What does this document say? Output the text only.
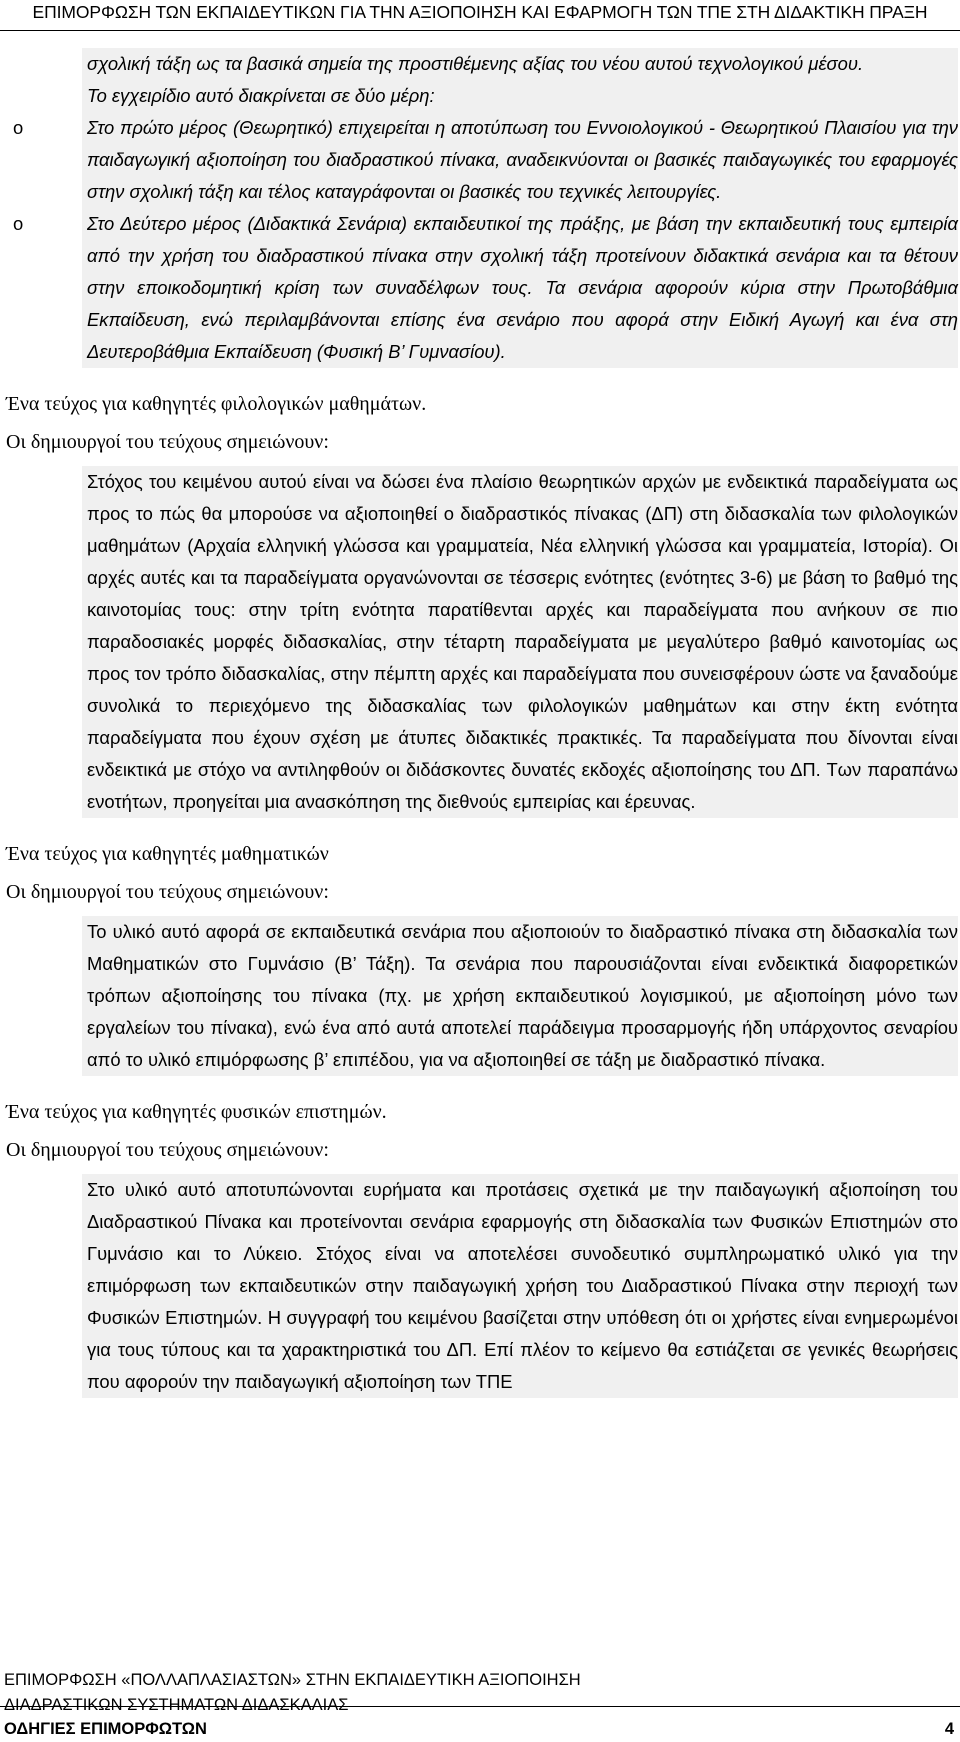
ΕΠΙΜΟΡΦΩΣΗ ΤΩΝ ΕΚΠΑΙΔΕΥΤΙΚΩΝ ΓΙΑ ΤΗΝ ΑΞΙΟΠΟΙΗΣΗ ΚΑΙ ΕΦΑΡΜΟΓΗ ΤΩΝ ΤΠΕ ΣΤΗ ΔΙΔΑΚΤΙΚΗ ΠΡΑΞΗ

σχολική τάξη ως τα βασικά σημεία της προστιθέμενης αξίας του νέου αυτού τεχνολογικού μέσου.

Το εγχειρίδιο αυτό διακρίνεται σε δύο μέρη:

o	Στο πρώτο μέρος (Θεωρητικό) επιχειρείται η αποτύπωση του Εννοιολογικού - Θεωρητικού Πλαισίου για την παιδαγωγική αξιοποίηση του διαδραστικού πίνακα, αναδεικνύονται οι βασικές παιδαγωγικές του εφαρμογές στην σχολική τάξη και τέλος καταγράφονται οι βασικές του τεχνικές λειτουργίες.

o	Στο Δεύτερο μέρος (Διδακτικά Σενάρια) εκπαιδευτικοί της πράξης, με βάση την εκπαιδευτική τους εμπειρία από την χρήση του διαδραστικού πίνακα στην σχολική τάξη προτείνουν διδακτικά σενάρια και τα θέτουν στην εποικοδομητική κρίση των συναδέλφων τους. Τα σενάρια αφορούν κύρια στην Πρωτοβάθμια Εκπαίδευση, ενώ περιλαμβάνονται επίσης ένα σενάριο που αφορά στην Ειδική Αγωγή και ένα στη Δευτεροβάθμια Εκπαίδευση (Φυσική Β’ Γυμνασίου).

Ένα τεύχος για καθηγητές φιλολογικών μαθημάτων.
Οι δημιουργοί του τεύχους σημειώνουν:
Στόχος του κειμένου αυτού είναι να δώσει ένα πλαίσιο θεωρητικών αρχών με ενδεικτικά παραδείγματα ως προς το πώς θα μπορούσε να αξιοποιηθεί ο διαδραστικός πίνακας (ΔΠ) στη διδασκαλία των φιλολογικών μαθημάτων (Αρχαία ελληνική γλώσσα και γραμματεία, Νέα ελληνική γλώσσα και γραμματεία, Ιστορία). Οι αρχές αυτές και τα παραδείγματα οργανώνονται σε τέσσερις ενότητες (ενότητες 3-6) με βάση το βαθμό της καινοτομίας τους: στην τρίτη ενότητα παρατίθενται αρχές και παραδείγματα που ανήκουν σε πιο παραδοσιακές μορφές διδασκαλίας, στην τέταρτη παραδείγματα με μεγαλύτερο βαθμό καινοτομίας ως προς τον τρόπο διδασκαλίας, στην πέμπτη αρχές και παραδείγματα που συνεισφέρουν ώστε να ξαναδούμε συνολικά το περιεχόμενο της διδασκαλίας των φιλολογικών μαθημάτων και στην έκτη ενότητα παραδείγματα που έχουν σχέση με άτυπες διδακτικές πρακτικές. Τα παραδείγματα που δίνονται είναι ενδεικτικά με στόχο να αντιληφθούν οι διδάσκοντες δυνατές εκδοχές αξιοποίησης του ΔΠ. Των παραπάνω ενοτήτων, προηγείται μια ανασκόπηση της διεθνούς εμπειρίας και έρευνας.
Ένα τεύχος για καθηγητές μαθηματικών
Οι δημιουργοί του τεύχους σημειώνουν:
Το υλικό αυτό αφορά σε εκπαιδευτικά σενάρια που αξιοποιούν το διαδραστικό πίνακα στη διδασκαλία των Μαθηματικών στο Γυμνάσιο (Β’ Τάξη). Τα σενάρια που παρουσιάζονται είναι ενδεικτικά διαφορετικών τρόπων αξιοποίησης του πίνακα (πχ. με χρήση εκπαιδευτικού λογισμικού, με αξιοποίηση μόνο των εργαλείων του πίνακα), ενώ ένα από αυτά αποτελεί παράδειγμα προσαρμογής ήδη υπάρχοντος σεναρίου από το υλικό επιμόρφωσης β’ επιπέδου, για να αξιοποιηθεί σε τάξη με διαδραστικό πίνακα.
Ένα τεύχος για καθηγητές φυσικών επιστημών.
Οι δημιουργοί του τεύχους σημειώνουν:
Στο υλικό αυτό αποτυπώνονται ευρήματα και προτάσεις σχετικά με την παιδαγωγική αξιοποίηση του Διαδραστικού Πίνακα και προτείνονται σενάρια εφαρμογής στη διδασκαλία των Φυσικών Επιστημών στο Γυμνάσιο και το Λύκειο. Στόχος είναι να αποτελέσει συνοδευτικό συμπληρωματικό υλικό για την επιμόρφωση των εκπαιδευτικών στην παιδαγωγική χρήση του Διαδραστικού Πίνακα στην περιοχή των Φυσικών Επιστημών. Η συγγραφή του κειμένου βασίζεται στην υπόθεση ότι οι χρήστες είναι ενημερωμένοι για τους τύπους και τα χαρακτηριστικά του ΔΠ. Επί πλέον το κείμενο θα εστιάζεται σε γενικές θεωρήσεις που αφορούν την παιδαγωγική αξιοποίηση των ΤΠΕ
ΕΠΙΜΟΡΦΩΣΗ «ΠΟΛΛΑΠΛΑΣΙΑΣΤΩΝ» ΣΤΗΝ ΕΚΠΑΙΔΕΥΤΙΚΗ ΑΞΙΟΠΟΙΗΣΗ
ΔΙΑΔΡΑΣΤΙΚΩΝ ΣΥΣΤΗΜΑΤΩΝ ΔΙΔΑΣΚΑΛΙΑΣ
ΟΔΗΓΙΕΣ ΕΠΙΜΟΡΦΩΤΩΝ	4
